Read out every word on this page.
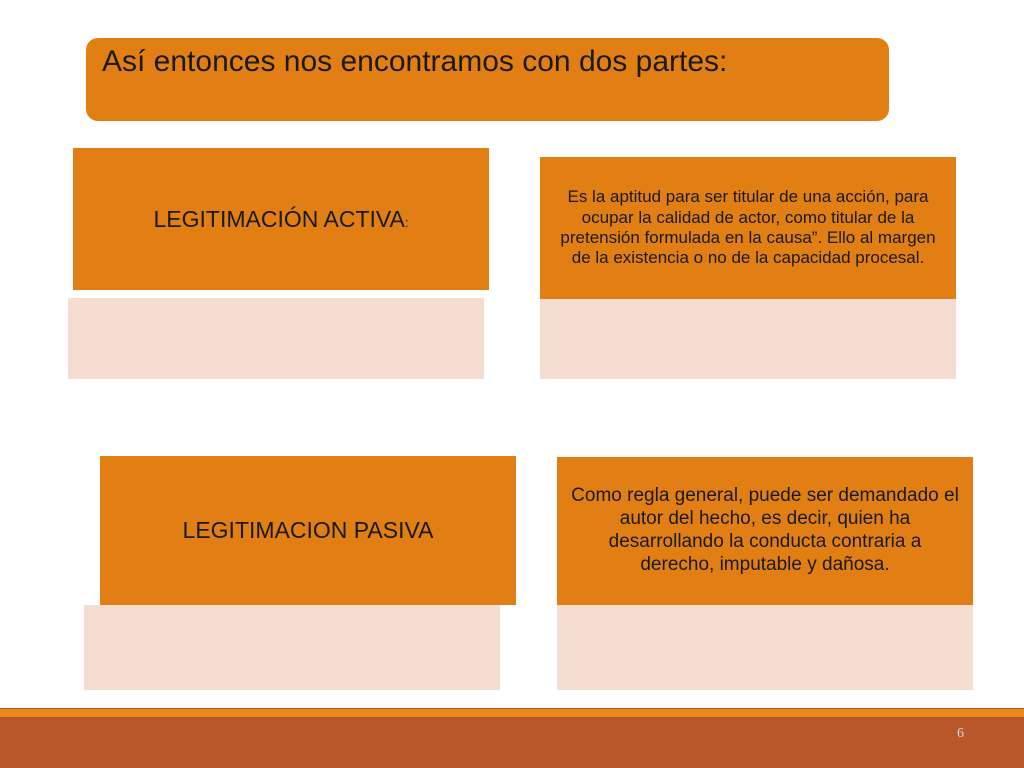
Así entonces nos encontramos con dos partes:
LEGITIMACIÓN ACTIVA:
Es la aptitud para ser titular de una acción, para ocupar la calidad de actor, como titular de la pretensión formulada en la causa”. Ello al margen de la existencia o no de la capacidad procesal.
LEGITIMACION PASIVA
Como regla general, puede ser demandado el autor del hecho, es decir, quien ha desarrollando la conducta contraria a derecho, imputable y dañosa.
6
